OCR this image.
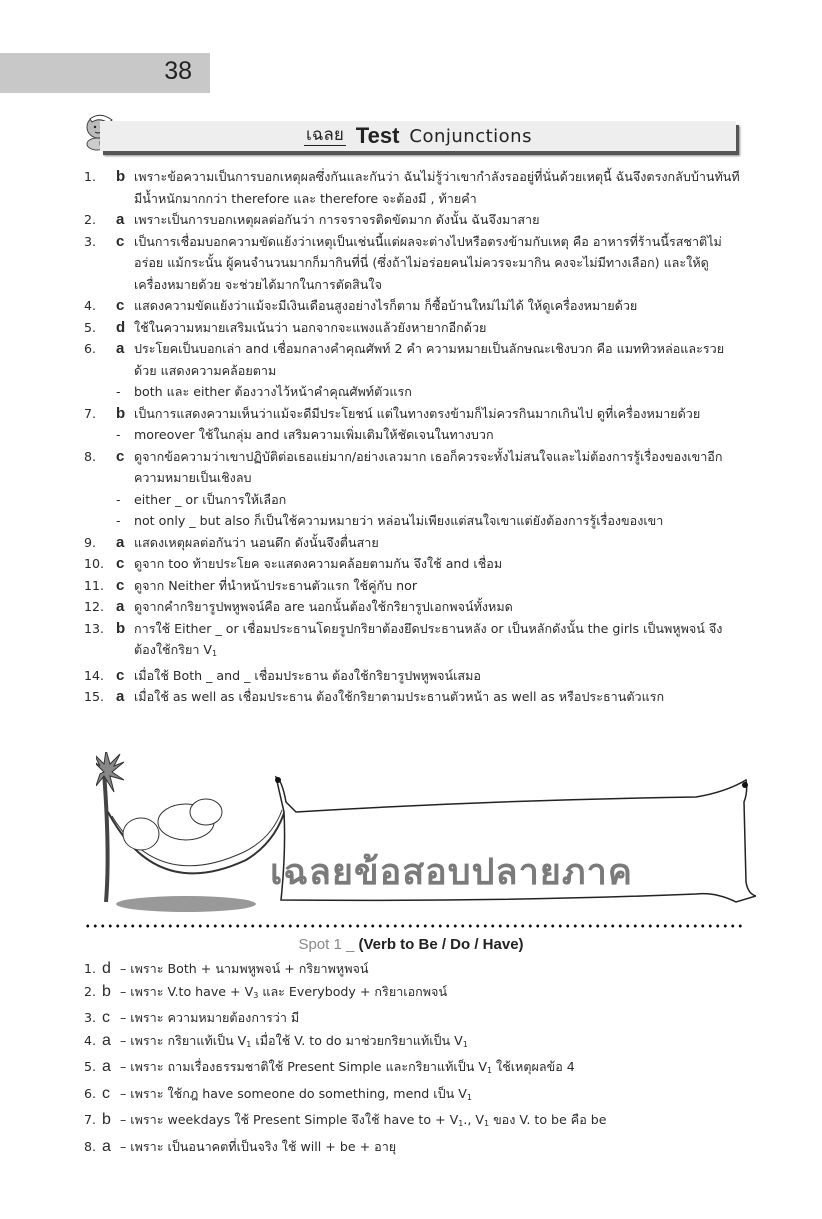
38
เฉลย Test Conjunctions
1.	b เพราะข้อความเป็นการบอกเหตุผลซึ่งกันและกันว่า ฉันไม่รู้ว่าเขากำลังรออยู่ที่นั่นด้วยเหตุนี้ ฉันจึงตรงกลับบ้านทันที มีน้ำหนักมากกว่า therefore และ therefore จะต้องมี , ท้ายคำ
2.	a เพราะเป็นการบอกเหตุผลต่อกันว่า การจราจรติดขัดมาก ดังนั้น ฉันจึงมาสาย
3.	c เป็นการเชื่อมบอกความขัดแย้งว่าเหตุเป็นเช่นนี้แต่ผลจะต่างไปหรือตรงข้ามกับเหตุ คือ อาหารที่ร้านนี้รสชาติไม่อร่อย แม้กระนั้น ผู้คนจำนวนมากก็มากินที่นี่ (ซึ่งถ้าไม่อร่อยคนไม่ควรจะมากิน คงจะไม่มีทางเลือก) และให้ดูเครื่องหมายด้วย จะช่วยได้มากในการตัดสินใจ
4.	c แสดงความขัดแย้งว่าแม้จะมีเงินเดือนสูงอย่างไรก็ตาม ก็ซื้อบ้านใหม่ไม่ได้ ให้ดูเครื่องหมายด้วย
5.	d ใช้ในความหมายเสริมเน้นว่า นอกจากจะแพงแล้วยังหายากอีกด้วย
6.	a ประโยคเป็นบอกเล่า and เชื่อมกลางคำคุณศัพท์ 2 คำ ความหมายเป็นลักษณะเชิงบวก คือ แมททิวหล่อและรวยด้วย แสดงความคล้อยตาม
-	both และ either ต้องวางไว้หน้าคำคุณศัพท์ตัวแรก
7.	b เป็นการแสดงความเห็นว่าแม้จะดีมีประโยชน์ แต่ในทางตรงข้ามก็ไม่ควรกินมากเกินไป ดูที่เครื่องหมายด้วย
-	moreover ใช้ในกลุ่ม and เสริมความเพิ่มเติมให้ชัดเจนในทางบวก
8.	c ดูจากข้อความว่าเขาปฏิบัติต่อเธอแย่มาก/อย่างเลวมาก เธอก็ควรจะทั้งไม่สนใจและไม่ต้องการรู้เรื่องของเขาอีก ความหมายเป็นเชิงลบ
-	either _ or เป็นการให้เลือก
-	not only _ but also ก็เป็นใช้ความหมายว่า หล่อนไม่เพียงแต่สนใจเขาแต่ยังต้องการรู้เรื่องของเขา
9.	a แสดงเหตุผลต่อกันว่า นอนดึก ดังนั้นจึงตื่นสาย
10. c ดูจาก too ท้ายประโยค จะแสดงความคล้อยตามกัน จึงใช้ and เชื่อม
11. c ดูจาก Neither ที่นำหน้าประธานตัวแรก ใช้คู่กับ nor
12. a ดูจากคำกริยารูปพหูพจน์คือ are นอกนั้นต้องใช้กริยารูปเอกพจน์ทั้งหมด
13. b การใช้ Either _ or เชื่อมประธานโดยรูปกริยาต้องยึดประธานหลัง or เป็นหลักดังนั้น the girls เป็นพหูพจน์ จึงต้องใช้กริยา $V_1$
14. c เมื่อใช้ Both _ and _ เชื่อมประธาน ต้องใช้กริยารูปพหูพจน์เสมอ
15. a เมื่อใช้ as well as เชื่อมประธาน ต้องใช้กริยาตามประธานตัวหน้า as well as หรือประธานตัวแรก
เฉลยข้อสอบปลายภาค
Spot 1 _ (Verb to Be / Do / Have)
1. d – เพราะ Both + นามพหูพจน์ + กริยาพหูพจน์
2. b – เพราะ V.to have + $V_3$ และ Everybody + กริยาเอกพจน์
3. c – เพราะ ความหมายต้องการว่า มี
4. a – เพราะ กริยาแท้เป็น $V_1$ เมื่อใช้ V. to do มาช่วยกริยาแท้เป็น $V_1$
5. a – เพราะ ถามเรื่องธรรมชาติใช้ Present Simple และกริยาแท้เป็น $V_1$ ใช้เหตุผลข้อ 4
6. c – เพราะ ใช้กฎ have someone do something, mend เป็น $V_1$
7. b – เพราะ weekdays ใช้ Present Simple จึงใช้ have to + $V_1$., $V_1$ ของ V. to be คือ be
8. a – เพราะ เป็นอนาคตที่เป็นจริง ใช้ will + be + อายุ
